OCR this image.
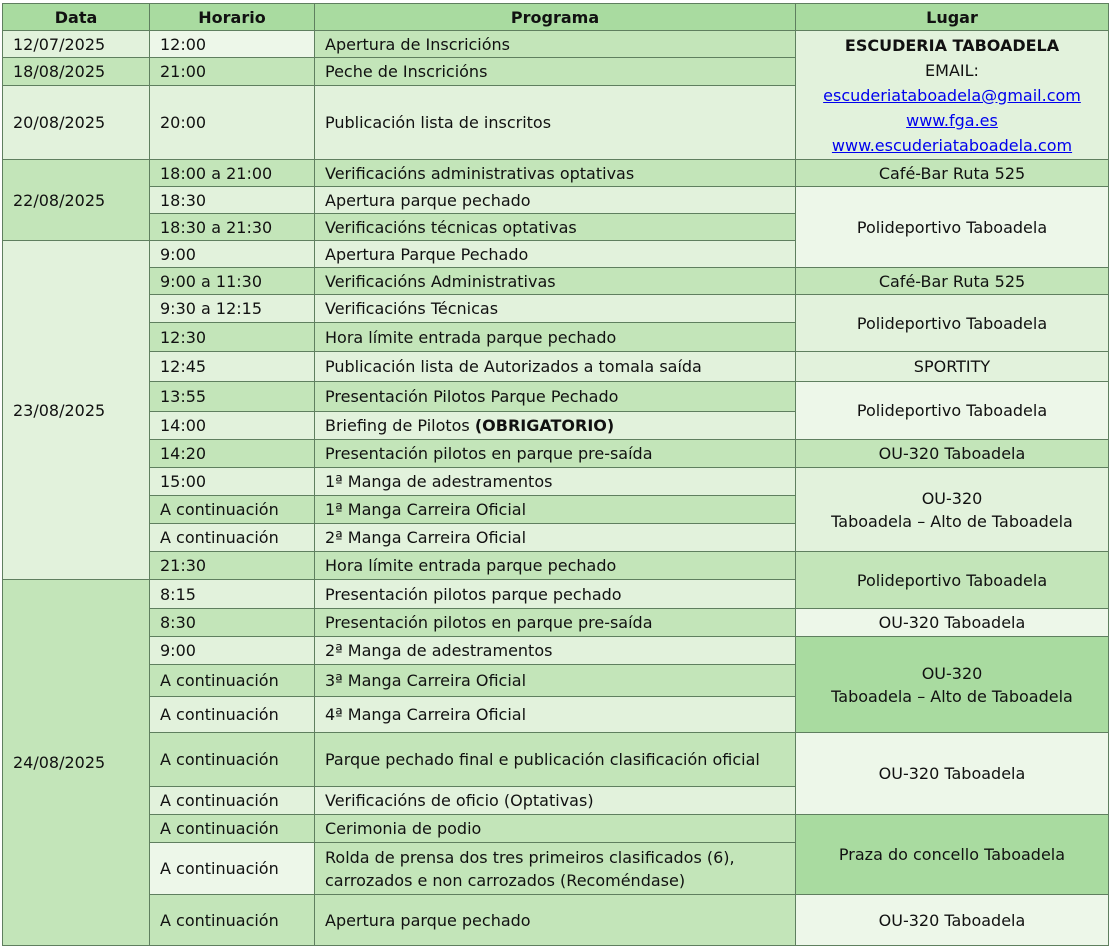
Data	Horario	Programa	Lugar
12/07/2025	12:00	Apertura de Inscricións	ESCUDERIA TABOADELA
EMAIL:
escuderiataboadela@gmail.com
www.fga.es
www.escuderiataboadela.com

18/08/2025	21:00	Peche de Inscricións	
20/08/2025	20:00	Publicación lista de inscritos	
22/08/2025	18:00 a 21:00	Verificacións administrativas optativas	Café-Bar Ruta 525
	18:30	Apertura parque pechado	Polideportivo Taboadela
	18:30 a 21:30	Verificacións técnicas optativas	
23/08/2025	9:00	Apertura Parque Pechado	
	9:00 a 11:30	Verificacións Administrativas	Café-Bar Ruta 525
	9:30 a 12:15	Verificacións Técnicas	Polideportivo Taboadela
	12:30	Hora límite entrada parque pechado	
	12:45	Publicación lista de Autorizados a tomala saída	SPORTITY
	13:55	Presentación Pilotos Parque Pechado	Polideportivo Taboadela
	14:00	Briefing de Pilotos (OBRIGATORIO)	
	14:20	Presentación pilotos en parque pre-saída	OU-320 Taboadela
	15:00	1ª Manga de adestramentos	OU-320
Taboadela – Alto de Taboadela

	A continuación	1ª Manga Carreira Oficial	
	A continuación	2ª Manga Carreira Oficial	
	21:30	Hora límite entrada parque pechado	Polideportivo Taboadela
24/08/2025	8:15	Presentación pilotos parque pechado	
	8:30	Presentación pilotos en parque pre-saída	OU-320 Taboadela
	9:00	2ª Manga de adestramentos	OU-320
Taboadela – Alto de Taboadela

	A continuación	3ª Manga Carreira Oficial	
	A continuación	4ª Manga Carreira Oficial	
	A continuación	Parque pechado final e publicación clasificación oficial	OU-320 Taboadela
	A continuación	Verificacións de oficio (Optativas)	
	A continuación	Cerimonia de podio	Praza do concello Taboadela
	A continuación	Rolda de prensa dos tres primeiros clasificados (6), carrozados e non carrozados (Recoméndase)	
	A continuación	Apertura parque pechado	OU-320 Taboadela
